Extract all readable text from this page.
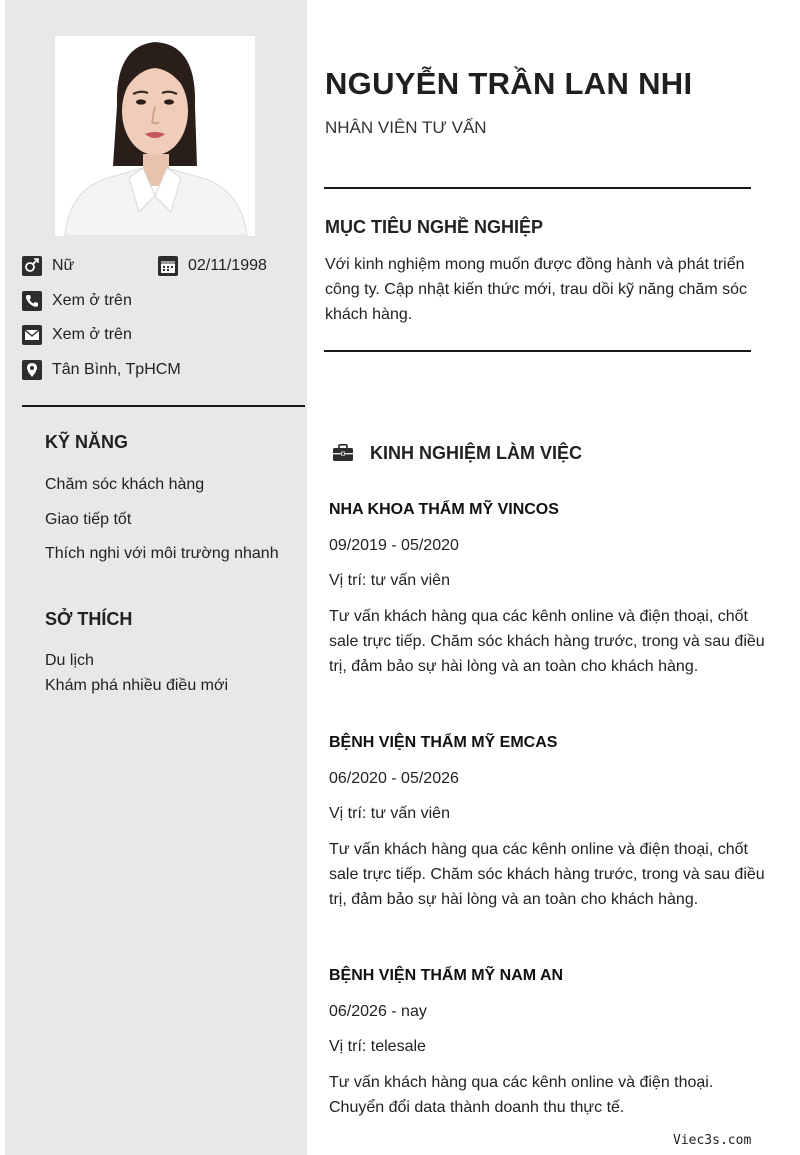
Nữ	02/11/1998
Xem ở trên
Xem ở trên
Tân Bình, TpHCM
KỸ NĂNG
Chăm sóc khách hàng
Giao tiếp tốt
Thích nghi với môi trường nhanh
SỞ THÍCH
Du lịch
Khám phá nhiều điều mới
NGUYỄN TRẦN LAN NHI
NHÂN VIÊN TƯ VẤN
MỤC TIÊU NGHỀ NGHIỆP
Với kinh nghiệm mong muốn được đồng hành và phát triển công ty. Cập nhật kiến thức mới, trau dồi kỹ năng chăm sóc khách hàng.
KINH NGHIỆM LÀM VIỆC
NHA KHOA THẨM MỸ VINCOS
09/2019 - 05/2020
Vị trí: tư vấn viên
Tư vấn khách hàng qua các kênh online và điện thoại, chốt sale trực tiếp. Chăm sóc khách hàng trước, trong và sau điều trị, đảm bảo sự hài lòng và an toàn cho khách hàng.
BỆNH VIỆN THẨM MỸ EMCAS
06/2020 - 05/2026
Vị trí: tư vấn viên
Tư vấn khách hàng qua các kênh online và điện thoại, chốt sale trực tiếp. Chăm sóc khách hàng trước, trong và sau điều trị, đảm bảo sự hài lòng và an toàn cho khách hàng.
BỆNH VIỆN THẨM MỸ NAM AN
06/2026 - nay
Vị trí: telesale
Tư vấn khách hàng qua các kênh online và điện thoại. Chuyển đổi data thành doanh thu thực tế.
Viec3s.com
